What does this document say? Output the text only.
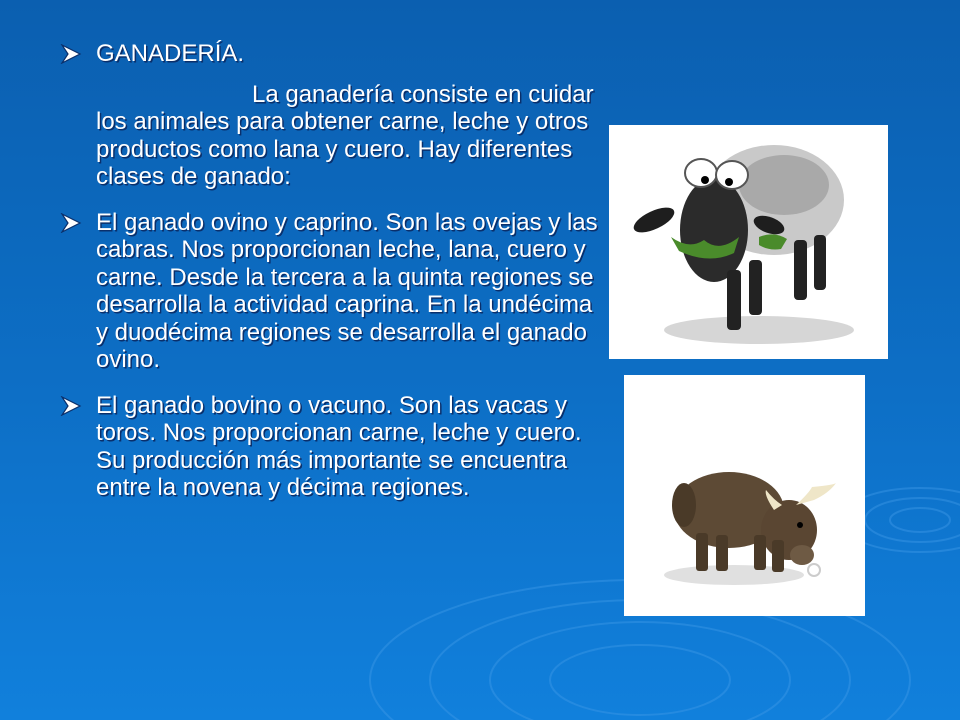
GANADERÍA.
La ganadería consiste en cuidar los animales para obtener carne, leche y otros productos como lana y cuero. Hay diferentes clases de ganado:
El ganado ovino y caprino. Son las ovejas y las cabras. Nos proporcionan leche, lana, cuero y carne. Desde la tercera a la quinta regiones se desarrolla la actividad caprina. En la undécima y duodécima regiones se desarrolla el ganado ovino.
El ganado bovino o vacuno. Son las vacas y toros. Nos proporcionan carne, leche y cuero. Su producción más importante se encuentra entre la novena y décima regiones.
